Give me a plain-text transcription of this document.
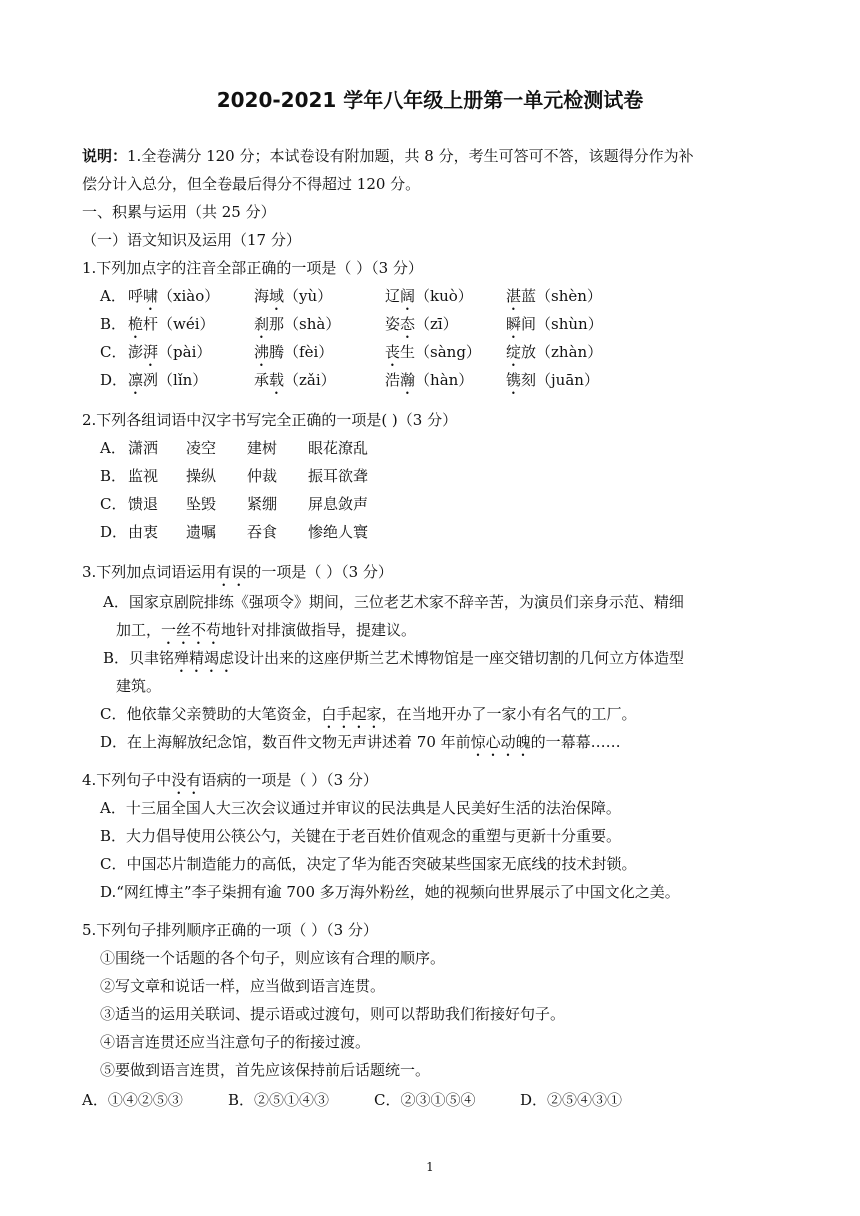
2020-2021 学年八年级上册第一单元检测试卷
说明：1.全卷满分 120 分；本试卷设有附加题，共 8 分，考生可答可不答，该题得分作为补
偿分计入总分，但全卷最后得分不得超过 120 分。
一、积累与运用（共 25 分）
（一）语文知识及运用（17 分）
1.下列加点字的注音全部正确的一项是（ ）（3 分）
A． 呼啸（xiào） 海域（yù）	辽阔（kuò） 湛蓝（shèn）
B． 桅杆（wéi）	刹那（shà）	姿态（zī）	瞬间（shùn）
C． 澎湃（pài）	沸腾（fèi）	丧生（sàng） 绽放（zhàn）
D． 凛冽（lǐn）	承载（zǎi）	浩瀚（hàn） 镌刻（juān）
2.下列各组词语中汉字书写完全正确的一项是( )（3 分）
A． 潇洒 凌空 建树 眼花潦乱
B． 监视 操纵 仲裁 振耳欲聋
C． 馈退 坠毁 紧绷 屏息敛声
D． 由衷 遗嘱 吞食 惨绝人寰
3.下列加点词语运用有误的一项是（ ）（3 分）
A．国家京剧院排练《强项令》期间，三位老艺术家不辞辛苦，为演员们亲身示范、精细
加工，一丝不苟地针对排演做指导，提建议。
B．贝聿铭殚精竭虑设计出来的这座伊斯兰艺术博物馆是一座交错切割的几何立方体造型
建筑。
C．他依靠父亲赞助的大笔资金，白手起家，在当地开办了一家小有名气的工厂。
D．在上海解放纪念馆，数百件文物无声讲述着 70 年前惊心动魄的一幕幕……
4.下列句子中没有语病的一项是（ ）（3 分）
A．十三届全国人大三次会议通过并审议的民法典是人民美好生活的法治保障。
B．大力倡导使用公筷公勺，关键在于老百姓价值观念的重塑与更新十分重要。
C．中国芯片制造能力的高低，决定了华为能否突破某些国家无底线的技术封锁。
D.“网红博主”李子柒拥有逾 700 多万海外粉丝，她的视频向世界展示了中国文化之美。
5.下列句子排列顺序正确的一项（ ）（3 分）
①围绕一个话题的各个句子，则应该有合理的顺序。
②写文章和说话一样，应当做到语言连贯。
③适当的运用关联词、提示语或过渡句，则可以帮助我们衔接好句子。
④语言连贯还应当注意句子的衔接过渡。
⑤要做到语言连贯，首先应该保持前后话题统一。
A．①④②⑤③	B．②⑤①④③	C．②③①⑤④	D．②⑤④③①
1
